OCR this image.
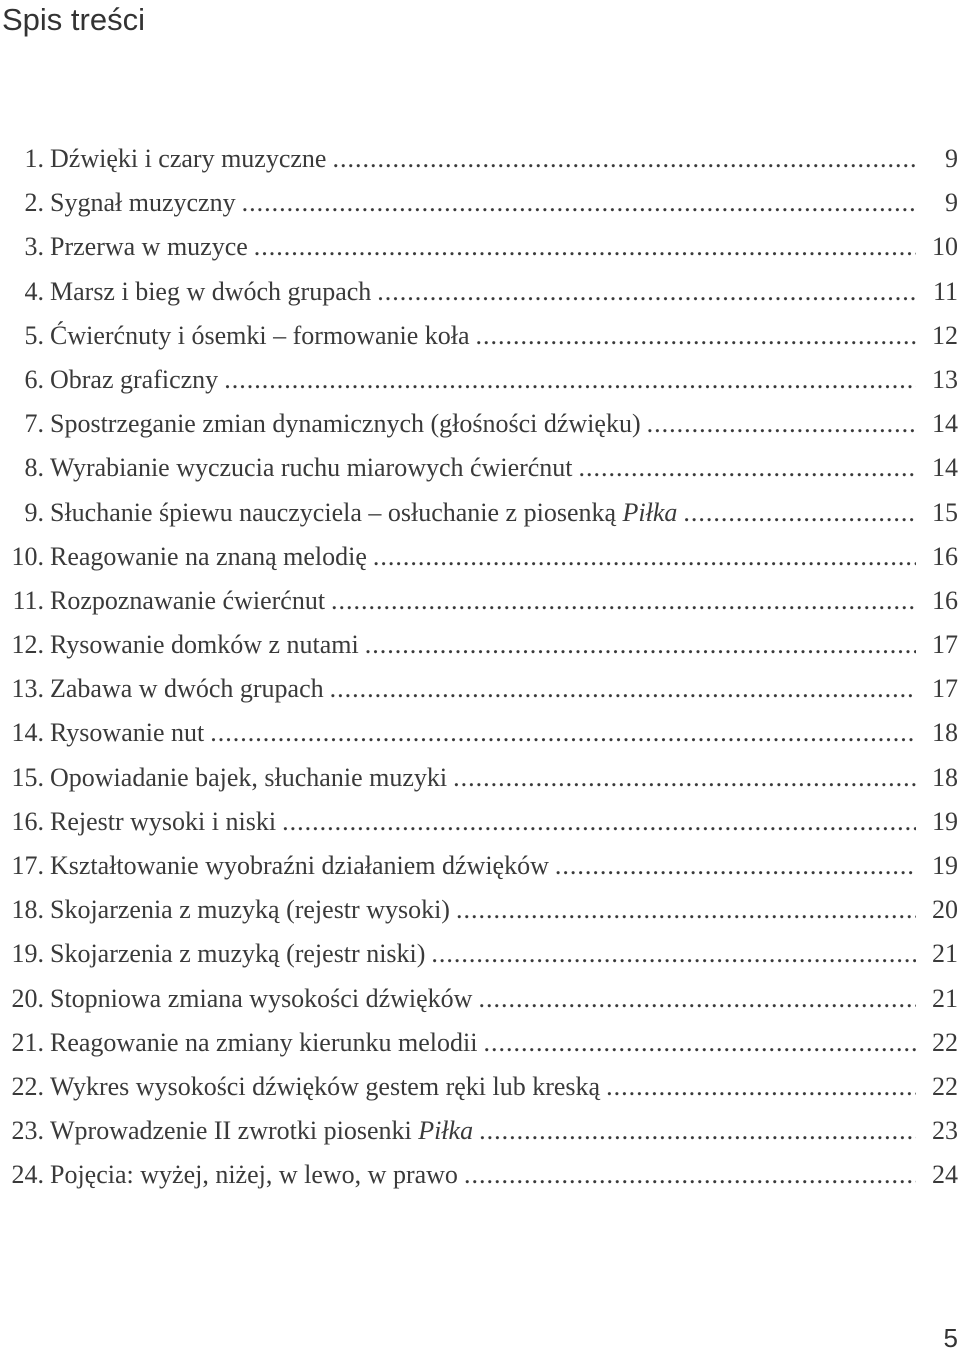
Spis treści
1. Dźwięki i czary muzyczne .....	9
2. Sygnał muzyczny .....	9
3. Przerwa w muzyce .....	10
4. Marsz i bieg w dwóch grupach .....	11
5. Ćwierćnuty i ósemki – formowanie koła .....	12
6. Obraz graficzny .....	13
7. Spostrzeganie zmian dynamicznych (głośności dźwięku) .....	14
8. Wyrabianie wyczucia ruchu miarowych ćwierćnut .....	14
9. Słuchanie śpiewu nauczyciela – osłuchanie z piosenką Piłka .....	15
10. Reagowanie na znaną melodię .....	16
11. Rozpoznawanie ćwierćnut .....	16
12. Rysowanie domków z nutami .....	17
13. Zabawa w dwóch grupach .....	17
14. Rysowanie nut .....	18
15. Opowiadanie bajek, słuchanie muzyki .....	18
16. Rejestr wysoki i niski .....	19
17. Kształtowanie wyobraźni działaniem dźwięków .....	19
18. Skojarzenia z muzyką (rejestr wysoki) .....	20
19. Skojarzenia z muzyką (rejestr niski) .....	21
20. Stopniowa zmiana wysokości dźwięków .....	21
21. Reagowanie na zmiany kierunku melodii .....	22
22. Wykres wysokości dźwięków gestem ręki lub kreską .....	22
23. Wprowadzenie II zwrotki piosenki Piłka .....	23
24. Pojęcia: wyżej, niżej, w lewo, w prawo .....	24
5
